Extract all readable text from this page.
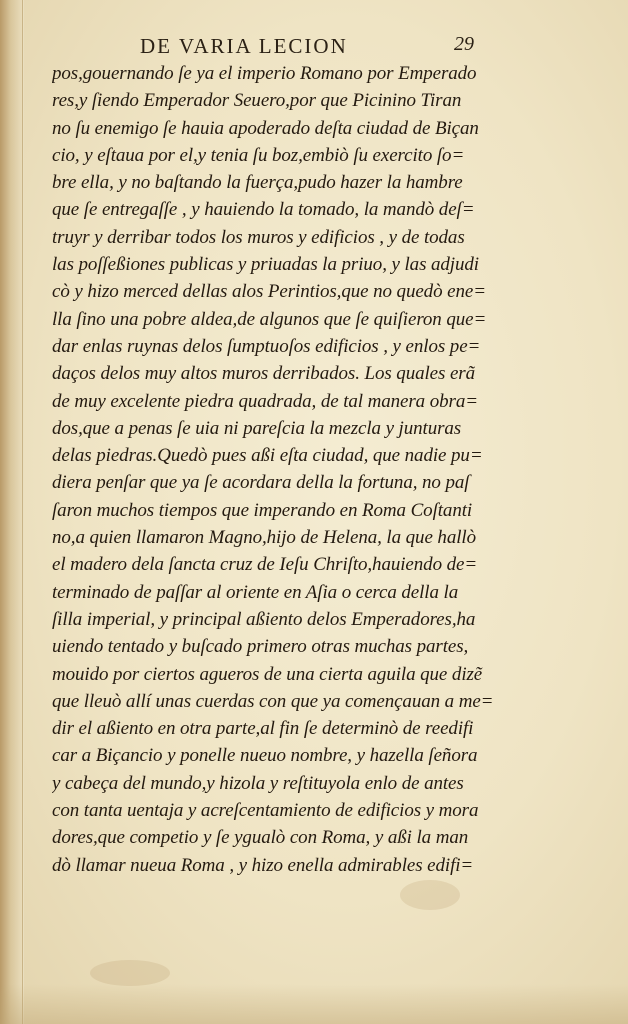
DE VARIA LECION	29
pos,gouernando ſe ya el imperio Romano por Emperado
res,y ſiendo Emperador Seuero,por que Picinino Tiran
no ſu enemigo ſe hauia apoderado deſta ciudad de Biçan
cio, y eſtaua por el,y tenia ſu boz,embiò ſu exercito ſo=
bre ella, y no baſtando la fuerça,pudo hazer la hambre
que ſe entregaſſe , y hauiendo la tomado, la mandò deſ=
truyr y derribar todos los muros y edificios , y de todas
las poſſeßiones publicas y priuadas la priuo, y las adjudi
cò y hizo merced dellas alos Perintios,que no quedò ene=
lla ſino una pobre aldea,de algunos que ſe quiſieron que=
dar enlas ruynas delos ſumptuoſos edificios , y enlos pe=
daços delos muy altos muros derribados. Los quales erã
de muy excelente piedra quadrada, de tal manera obra=
dos,que a penas ſe uia ni pareſcia la mezcla y junturas
delas piedras.Quedò pues aßi eſta ciudad, que nadie pu=
diera penſar que ya ſe acordara della la fortuna, no paſ
ſaron muchos tiempos que imperando en Roma Coſtanti
no,a quien llamaron Magno,hijo de Helena, la que hallò
el madero dela ſancta cruz de Ieſu Chriſto,hauiendo de=
terminado de paſſar al oriente en Aſia o cerca della la
ſilla imperial, y principal aßiento delos Emperadores,ha
uiendo tentado y buſcado primero otras muchas partes,
mouido por ciertos agueros de una cierta aguila que dizẽ
que lleuò allí unas cuerdas con que ya començauan a me=
dir el aßiento en otra parte,al fin ſe determinò de reedifi
car a Biçancio y ponelle nueuo nombre, y hazella ſeñora
y cabeça del mundo,y hizola y reſtituyola enlo de antes
con tanta uentaja y acreſcentamiento de edificios y mora
dores,que competio y ſe ygualò con Roma, y aßi la man
dò llamar nueua Roma , y hizo enella admirables edifi=
